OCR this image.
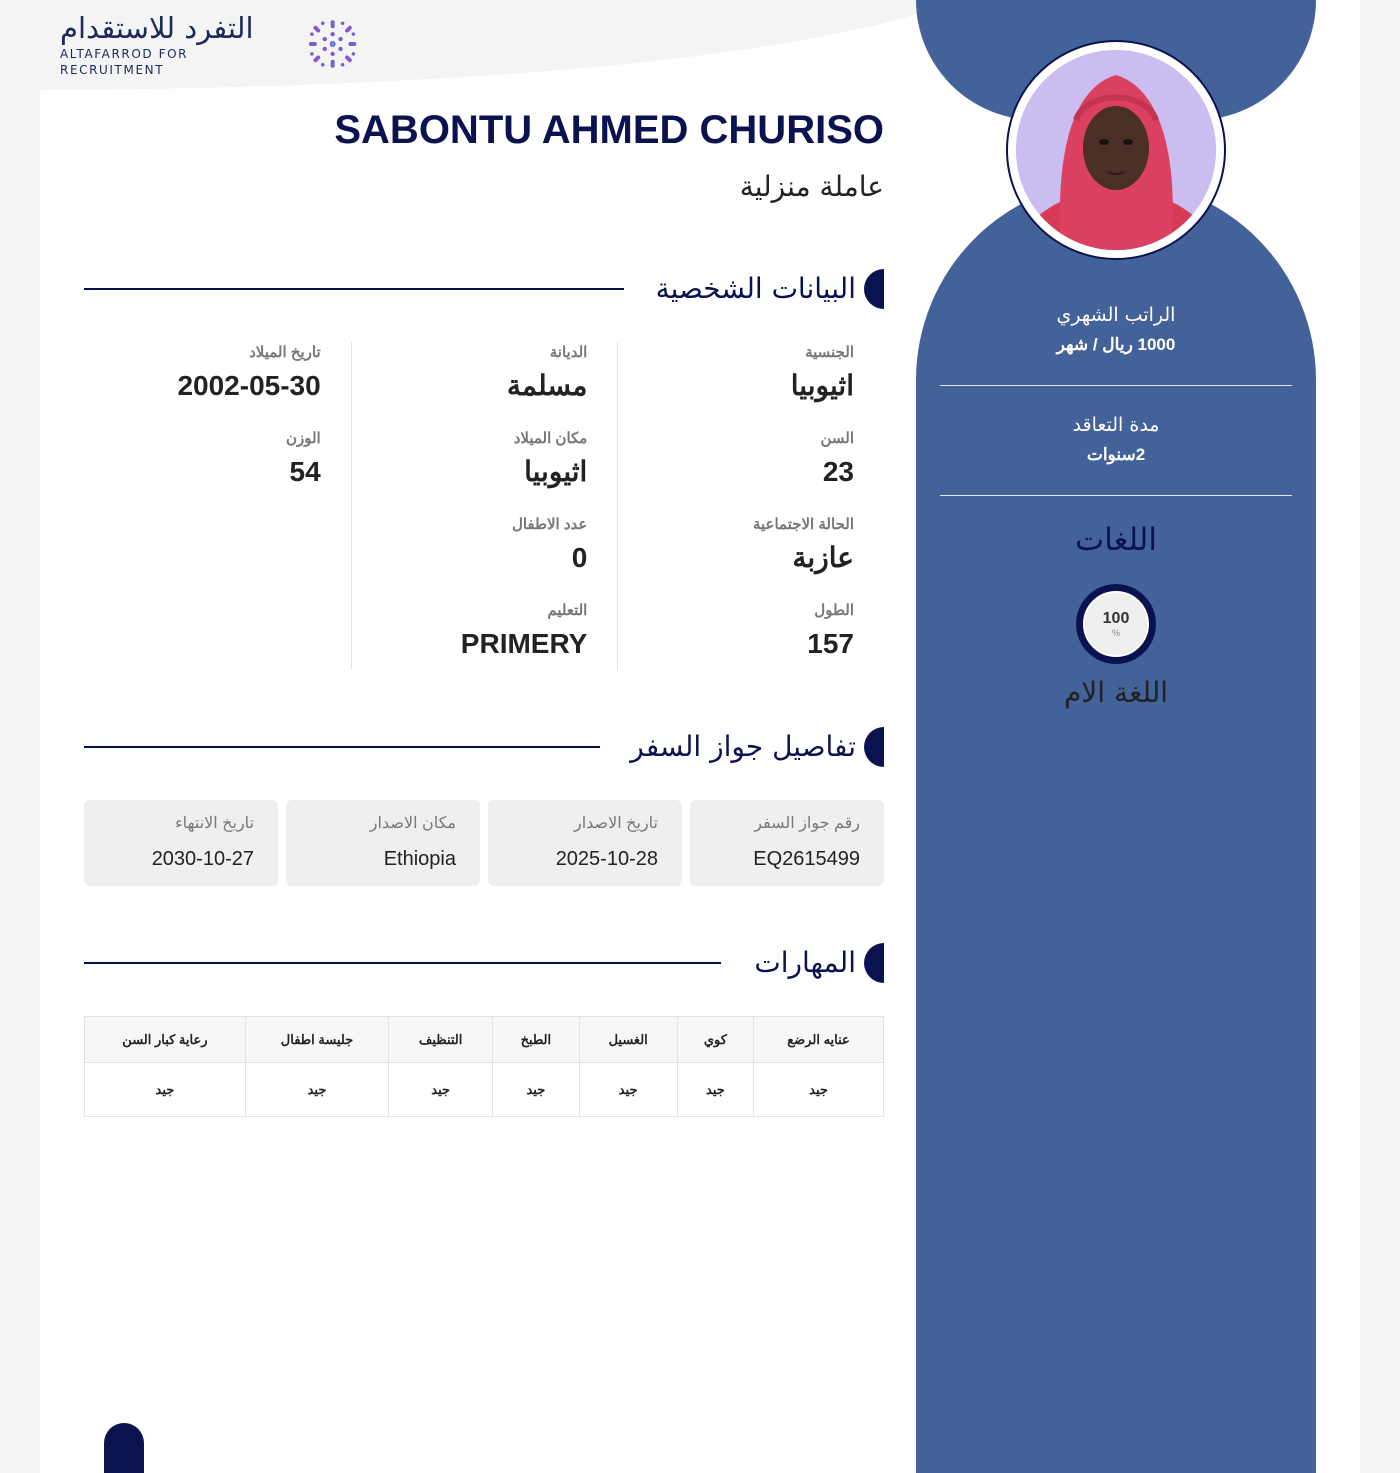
التفرد للاستقدام
ALTAFARROD FOR RECRUITMENT
الراتب الشهري
1000 ريال / شهر
مدة التعاقد
2سنوات
اللغات
100
%
اللغة الام
SABONTU AHMED CHURISO
عاملة منزلية
البيانات الشخصية
الجنسية
اثيوبيا
السن
23
الحالة الاجتماعية
عازبة
الطول
157
الديانة
مسلمة
مكان الميلاد
اثيوبيا
عدد الاطفال
0
التعليم
PRIMERY
تاريخ الميلاد
2002-05-30
الوزن
54
تفاصيل جواز السفر
رقم جواز السفر
EQ2615499
تاريخ الاصدار
2025-10-28
مكان الاصدار
Ethiopia
تاريخ الانتهاء
2030-10-27
المهارات
عنايه الرضع	كوي	الغسيل	الطبخ	التنظيف	جليسة اطفال	رعاية كبار السن
جيد	جيد	جيد	جيد	جيد	جيد	جيد
